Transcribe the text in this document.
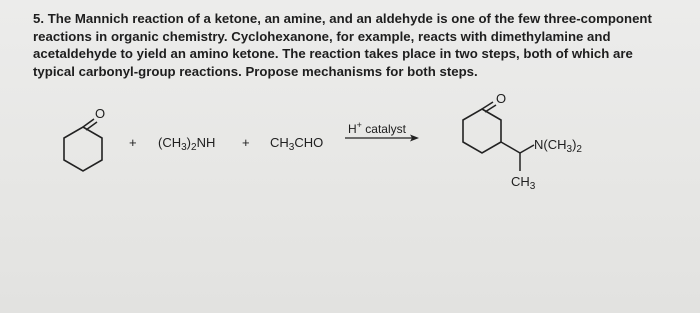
5. The Mannich reaction of a ketone, an amine, and an aldehyde is one of the few three-component
reactions in organic chemistry. Cyclohexanone, for example, reacts with dimethylamine and
acetaldehyde to yield an amino ketone. The reaction takes place in two steps, both of which are
typical carbonyl-group reactions. Propose mechanisms for both steps.
O
+ $(CH_3)_2NH + CH_3CHO$
H+ catalyst
O
$N(CH_3)_2$
$CH_3$
